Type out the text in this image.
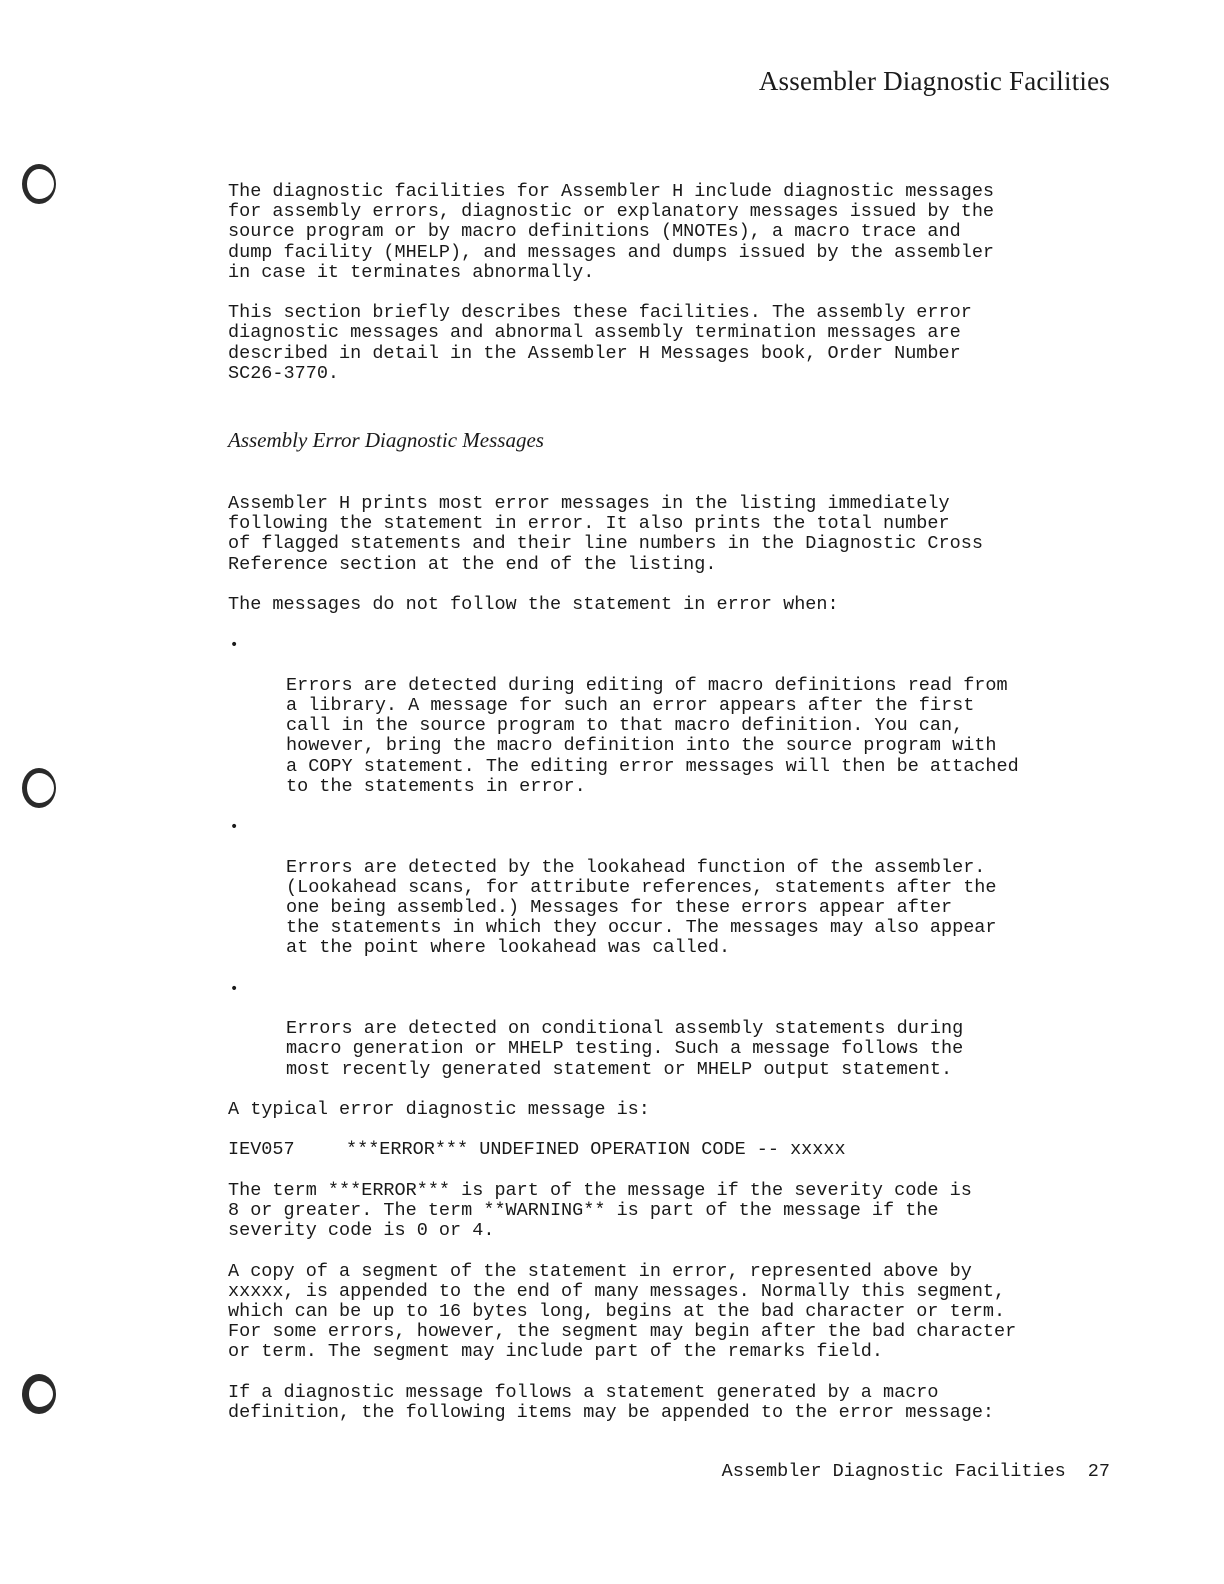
Assembler Diagnostic Facilities

The diagnostic facilities for Assembler H include diagnostic messages
for assembly errors, diagnostic or explanatory messages issued by the
source program or by macro definitions (MNOTEs), a macro trace and
dump facility (MHELP), and messages and dumps issued by the assembler
in case it terminates abnormally.

This section briefly describes these facilities. The assembly error
diagnostic messages and abnormal assembly termination messages are
described in detail in the Assembler H Messages book, Order Number
SC26-3770.

Assembly Error Diagnostic Messages

Assembler H prints most error messages in the listing immediately
following the statement in error. It also prints the total number
of flagged statements and their line numbers in the Diagnostic Cross
Reference section at the end of the listing.

The messages do not follow the statement in error when:

•

Errors are detected during editing of macro definitions read from
a library. A message for such an error appears after the first
call in the source program to that macro definition. You can,
however, bring the macro definition into the source program with
a COPY statement. The editing error messages will then be attached
to the statements in error.

•

Errors are detected by the lookahead function of the assembler.
(Lookahead scans, for attribute references, statements after the
one being assembled.) Messages for these errors appear after
the statements in which they occur. The messages may also appear
at the point where lookahead was called.

•

Errors are detected on conditional assembly statements during
macro generation or MHELP testing. Such a message follows the
most recently generated statement or MHELP output statement.

A typical error diagnostic message is:

IEV057	***ERROR*** UNDEFINED OPERATION CODE -- xxxxx

The term ***ERROR*** is part of the message if the severity code is
8 or greater. The term **WARNING** is part of the message if the
severity code is 0 or 4.

A copy of a segment of the statement in error, represented above by
xxxxx, is appended to the end of many messages. Normally this segment,
which can be up to 16 bytes long, begins at the bad character or term.
For some errors, however, the segment may begin after the bad character
or term. The segment may include part of the remarks field.

If a diagnostic message follows a statement generated by a macro
definition, the following items may be appended to the error message:

Assembler Diagnostic Facilities 27
